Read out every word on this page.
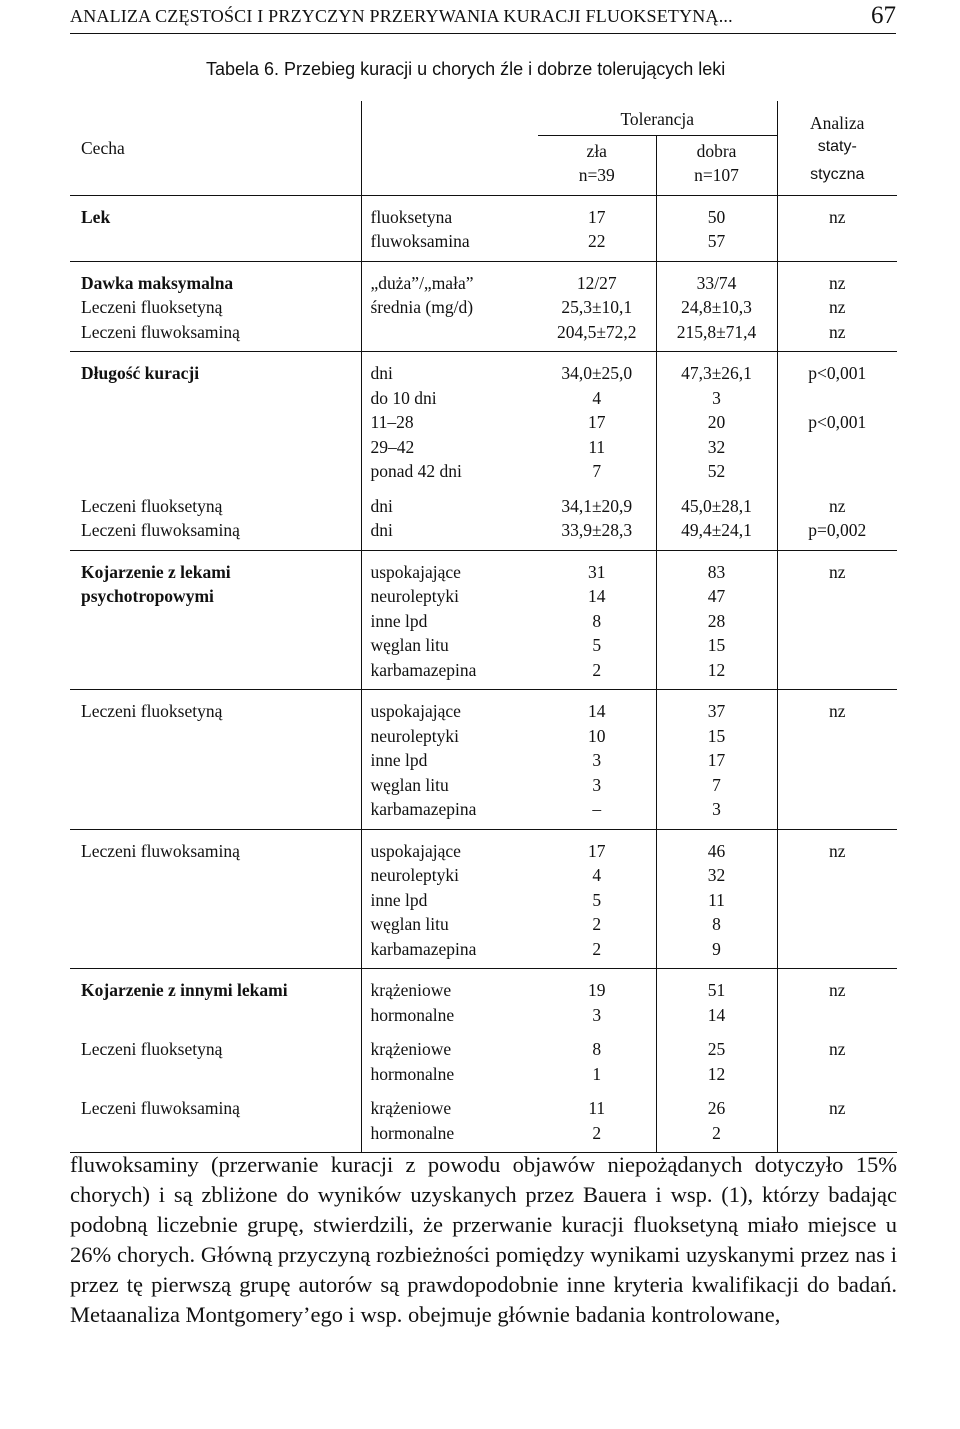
ANALIZA CZĘSTOŚCI I PRZYCZYN PRZERYWANIA KURACJI FLUOKSETYNĄ...	67
Tabela 6. Przebieg kuracji u chorych źle i dobrze tolerujących leki
Cecha		Tolerancja		Analiza
		zła	dobra	staty-
		n=39	n=107	styczna
Lek	fluoksetyna	17	50	nz
	fluwoksamina	22	57	
Dawka maksymalna	„duża”/„mała”	12/27	33/74	nz
Leczeni fluoksetyną	średnia (mg/d)	25,3±10,1	24,8±10,3	nz
Leczeni fluwoksaminą		204,5±72,2	215,8±71,4	nz
Długość kuracji	dni	34,0±25,0	47,3±26,1	p<0,001
	do 10 dni	4	3	
	11–28	17	20	p<0,001
	29–42	11	32	
	ponad 42 dni	7	52	

Leczeni fluoksetyną	dni	34,1±20,9	45,0±28,1	nz
Leczeni fluwoksaminą	dni	33,9±28,3	49,4±24,1	p=0,002
Kojarzenie z lekami	uspokajające	31	83	nz
psychotropowymi	neuroleptyki	14	47	
	inne lpd	8	28	
	węglan litu	5	15	
	karbamazepina	2	12	
Leczeni fluoksetyną	uspokajające	14	37	nz
	neuroleptyki	10	15	
	inne lpd	3	17	
	węglan litu	3	7	
	karbamazepina	–	3	
Leczeni fluwoksaminą	uspokajające	17	46	nz
	neuroleptyki	4	32	
	inne lpd	5	11	
	węglan litu	2	8	
	karbamazepina	2	9	
Kojarzenie z innymi lekami	krążeniowe	19	51	nz
	hormonalne	3	14	

Leczeni fluoksetyną	krążeniowe	8	25	nz
	hormonalne	1	12	

Leczeni fluwoksaminą	krążeniowe	11	26	nz
	hormonalne	2	2	

fluwoksaminy (przerwanie kuracji z powodu objawów niepożądanych dotyczyło 15% chorych) i są zbliżone do wyników uzyskanych przez Bauera i wsp. (1), którzy badając podobną liczebnie grupę, stwierdzili, że przerwanie kuracji fluoksetyną miało miejsce u 26% chorych. Główną przyczyną rozbieżności pomiędzy wynikami uzyskanymi przez nas i przez tę pierwszą grupę autorów są prawdopodobnie inne kryteria kwalifikacji do badań. Metaanaliza Montgomery’ego i wsp. obejmuje głównie badania kontrolowane,
